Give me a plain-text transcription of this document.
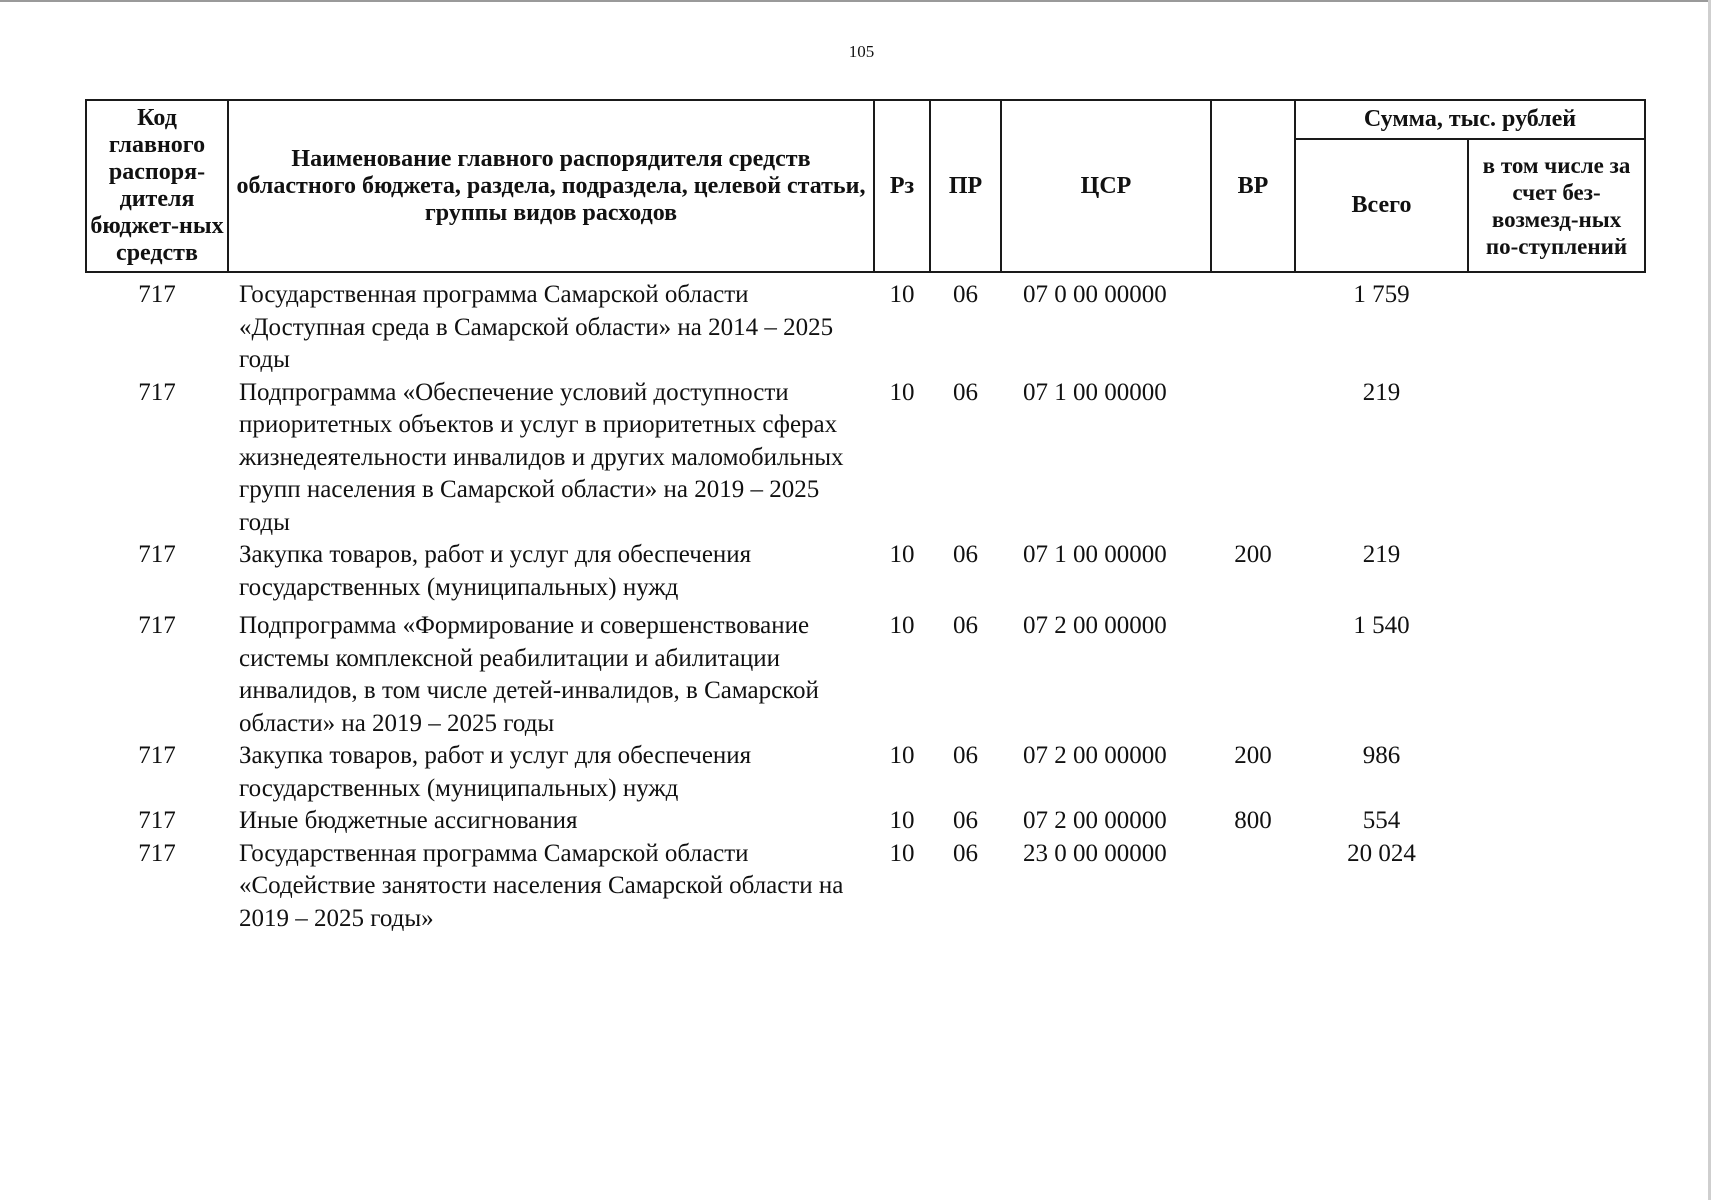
105
Код главного распоря-дителя бюджет-ных средств	Наименование главного распорядителя средств областного бюджета, раздела, подраздела, целевой статьи, группы видов расходов	Рз	ПР	ЦСР	ВР	Сумма, тыс. рублей	
						Всего	в том числе за счет без-возмезд-ных по-ступлений
717	Государственная программа Самарской области «Доступная среда в Самарской области» на 2014 – 2025 годы	10	06	07 0 00 00000		1 759	
717	Подпрограмма «Обеспечение условий доступности приоритетных объектов и услуг в приоритетных сферах жизнедеятельности инвалидов и других маломобильных групп населения в Самарской области» на 2019 – 2025 годы	10	06	07 1 00 00000		219	
717	Закупка товаров, работ и услуг для обеспечения государственных (муниципальных) нужд	10	06	07 1 00 00000	200	219	
717	Подпрограмма «Формирование и совершенствование системы комплексной реабилитации и абилитации инвалидов, в том числе детей-инвалидов, в Самарской области» на 2019 – 2025 годы	10	06	07 2 00 00000		1 540	
717	Закупка товаров, работ и услуг для обеспечения государственных (муниципальных) нужд	10	06	07 2 00 00000	200	986	
717	Иные бюджетные ассигнования	10	06	07 2 00 00000	800	554	
717	Государственная программа Самарской области «Содействие занятости населения Самарской области на 2019 – 2025 годы»	10	06	23 0 00 00000		20 024	
